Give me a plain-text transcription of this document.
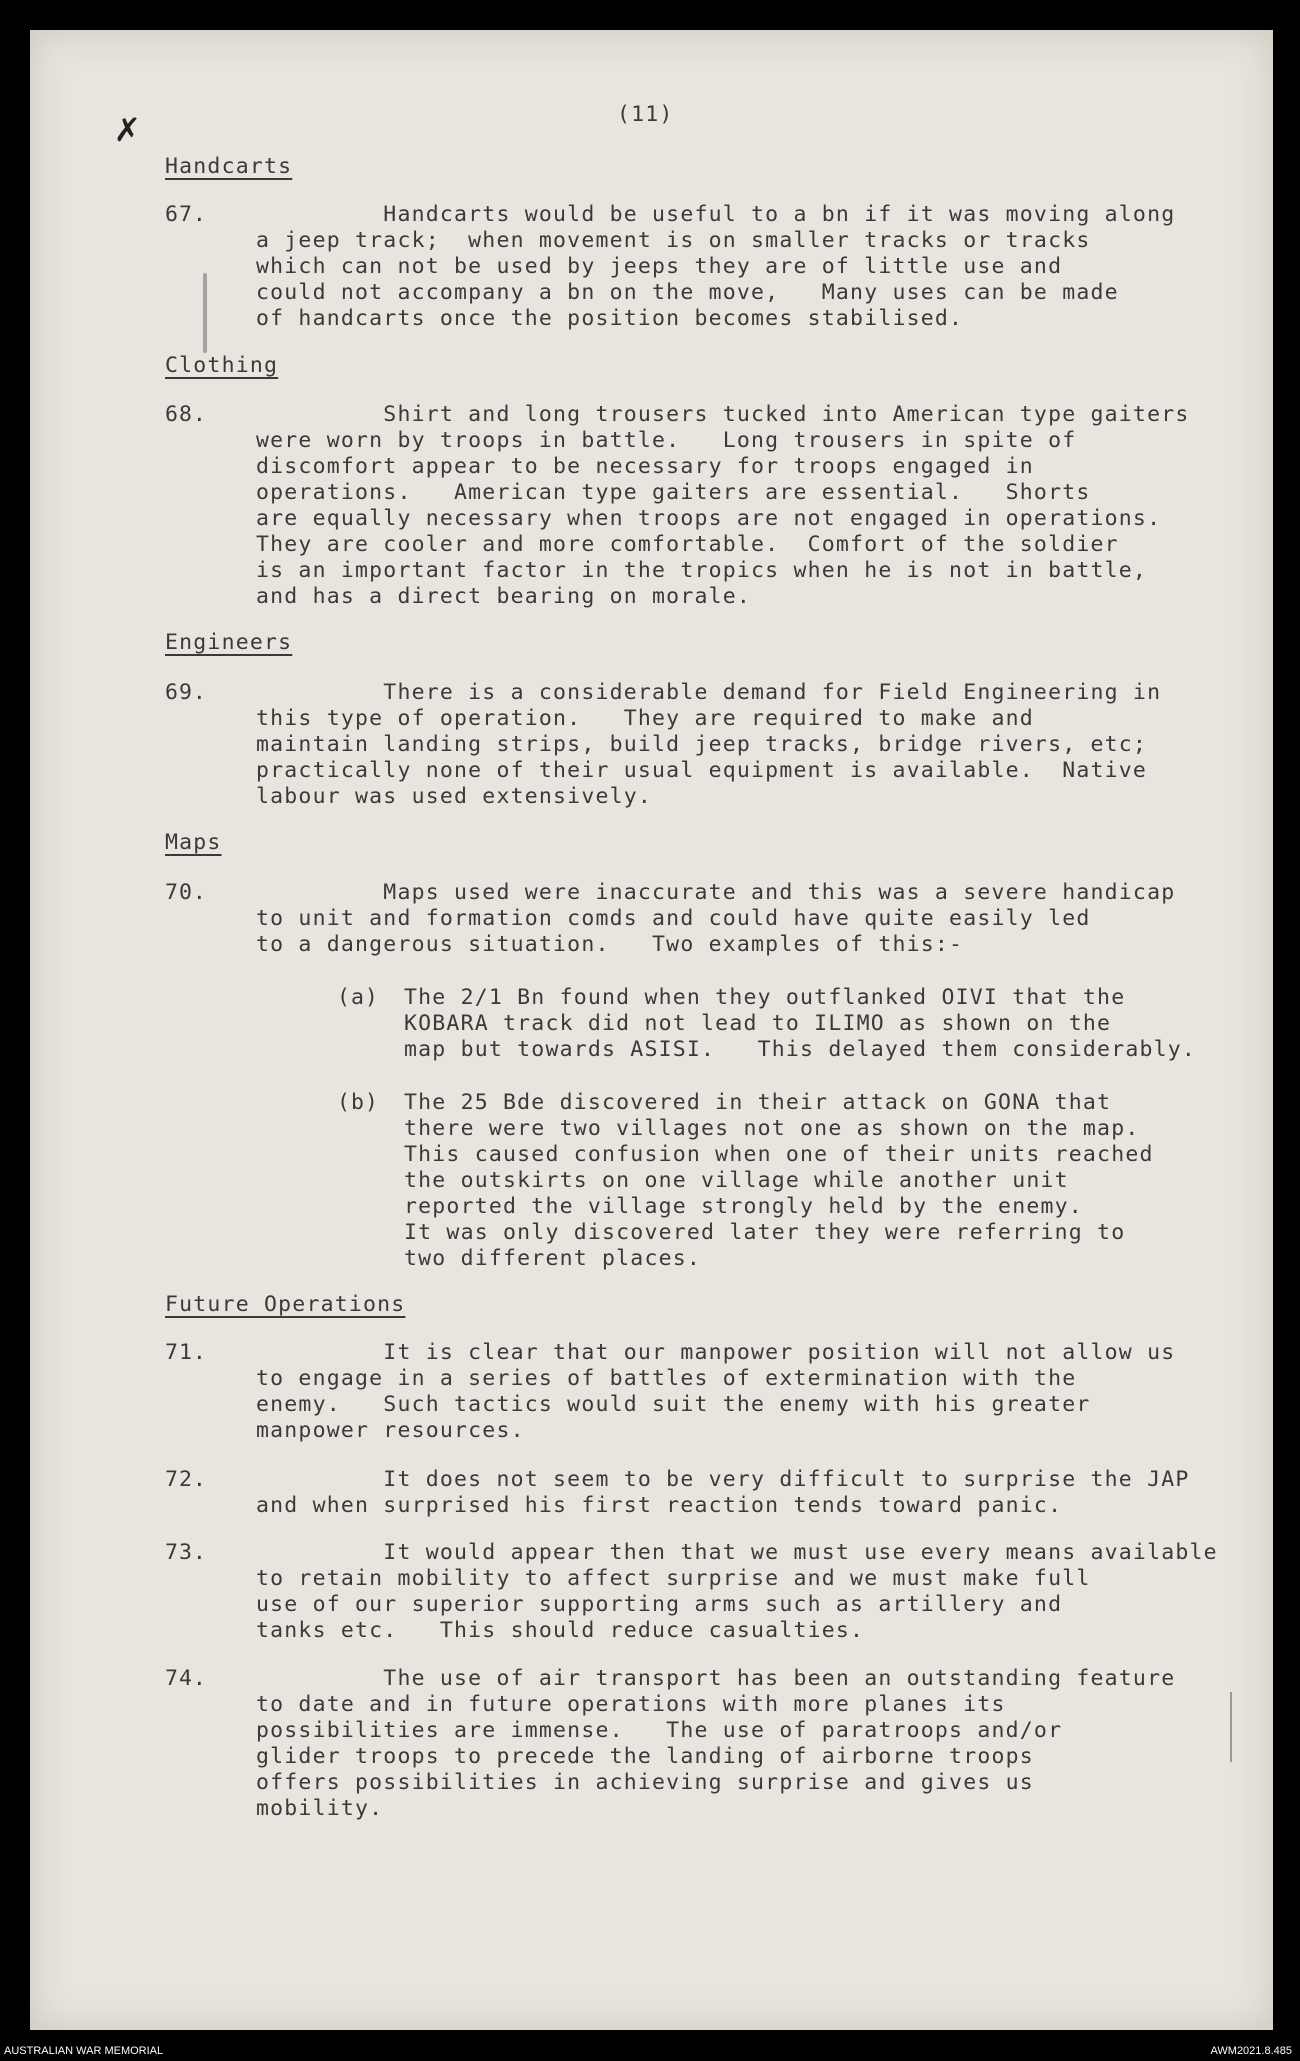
✗	(11)
Handcarts
67. Handcarts would be useful to a bn if it was moving along
a jeep track;  when movement is on smaller tracks or tracks
which can not be used by jeeps they are of little use and
could not accompany a bn on the move,   Many uses can be made
of handcarts once the position becomes stabilised.
Clothing
68. Shirt and long trousers tucked into American type gaiters
were worn by troops in battle.   Long trousers in spite of
discomfort appear to be necessary for troops engaged in
operations.   American type gaiters are essential.   Shorts
are equally necessary when troops are not engaged in operations.
They are cooler and more comfortable.  Comfort of the soldier
is an important factor in the tropics when he is not in battle,
and has a direct bearing on morale.
Engineers
69. There is a considerable demand for Field Engineering in
this type of operation.   They are required to make and
maintain landing strips, build jeep tracks, bridge rivers, etc;
practically none of their usual equipment is available.  Native
labour was used extensively.
Maps
70. Maps used were inaccurate and this was a severe handicap
to unit and formation comds and could have quite easily led
to a dangerous situation.   Two examples of this:-
(a) The 2/1 Bn found when they outflanked OIVI that the
KOBARA track did not lead to ILIMO as shown on the
map but towards ASISI.   This delayed them considerably.
(b) The 25 Bde discovered in their attack on GONA that
there were two villages not one as shown on the map.
This caused confusion when one of their units reached
the outskirts on one village while another unit
reported the village strongly held by the enemy.
It was only discovered later they were referring to
two different places.
Future Operations
71. It is clear that our manpower position will not allow us
to engage in a series of battles of extermination with the
enemy.   Such tactics would suit the enemy with his greater
manpower resources.
72. It does not seem to be very difficult to surprise the JAP
and when surprised his first reaction tends toward panic.
73. It would appear then that we must use every means available
to retain mobility to affect surprise and we must make full
use of our superior supporting arms such as artillery and
tanks etc.   This should reduce casualties.
74. The use of air transport has been an outstanding feature
to date and in future operations with more planes its
possibilities are immense.   The use of paratroops and/or
glider troops to precede the landing of airborne troops
offers possibilities in achieving surprise and gives us
mobility.
AUSTRALIAN WAR MEMORIAL	AWM2021.8.485
